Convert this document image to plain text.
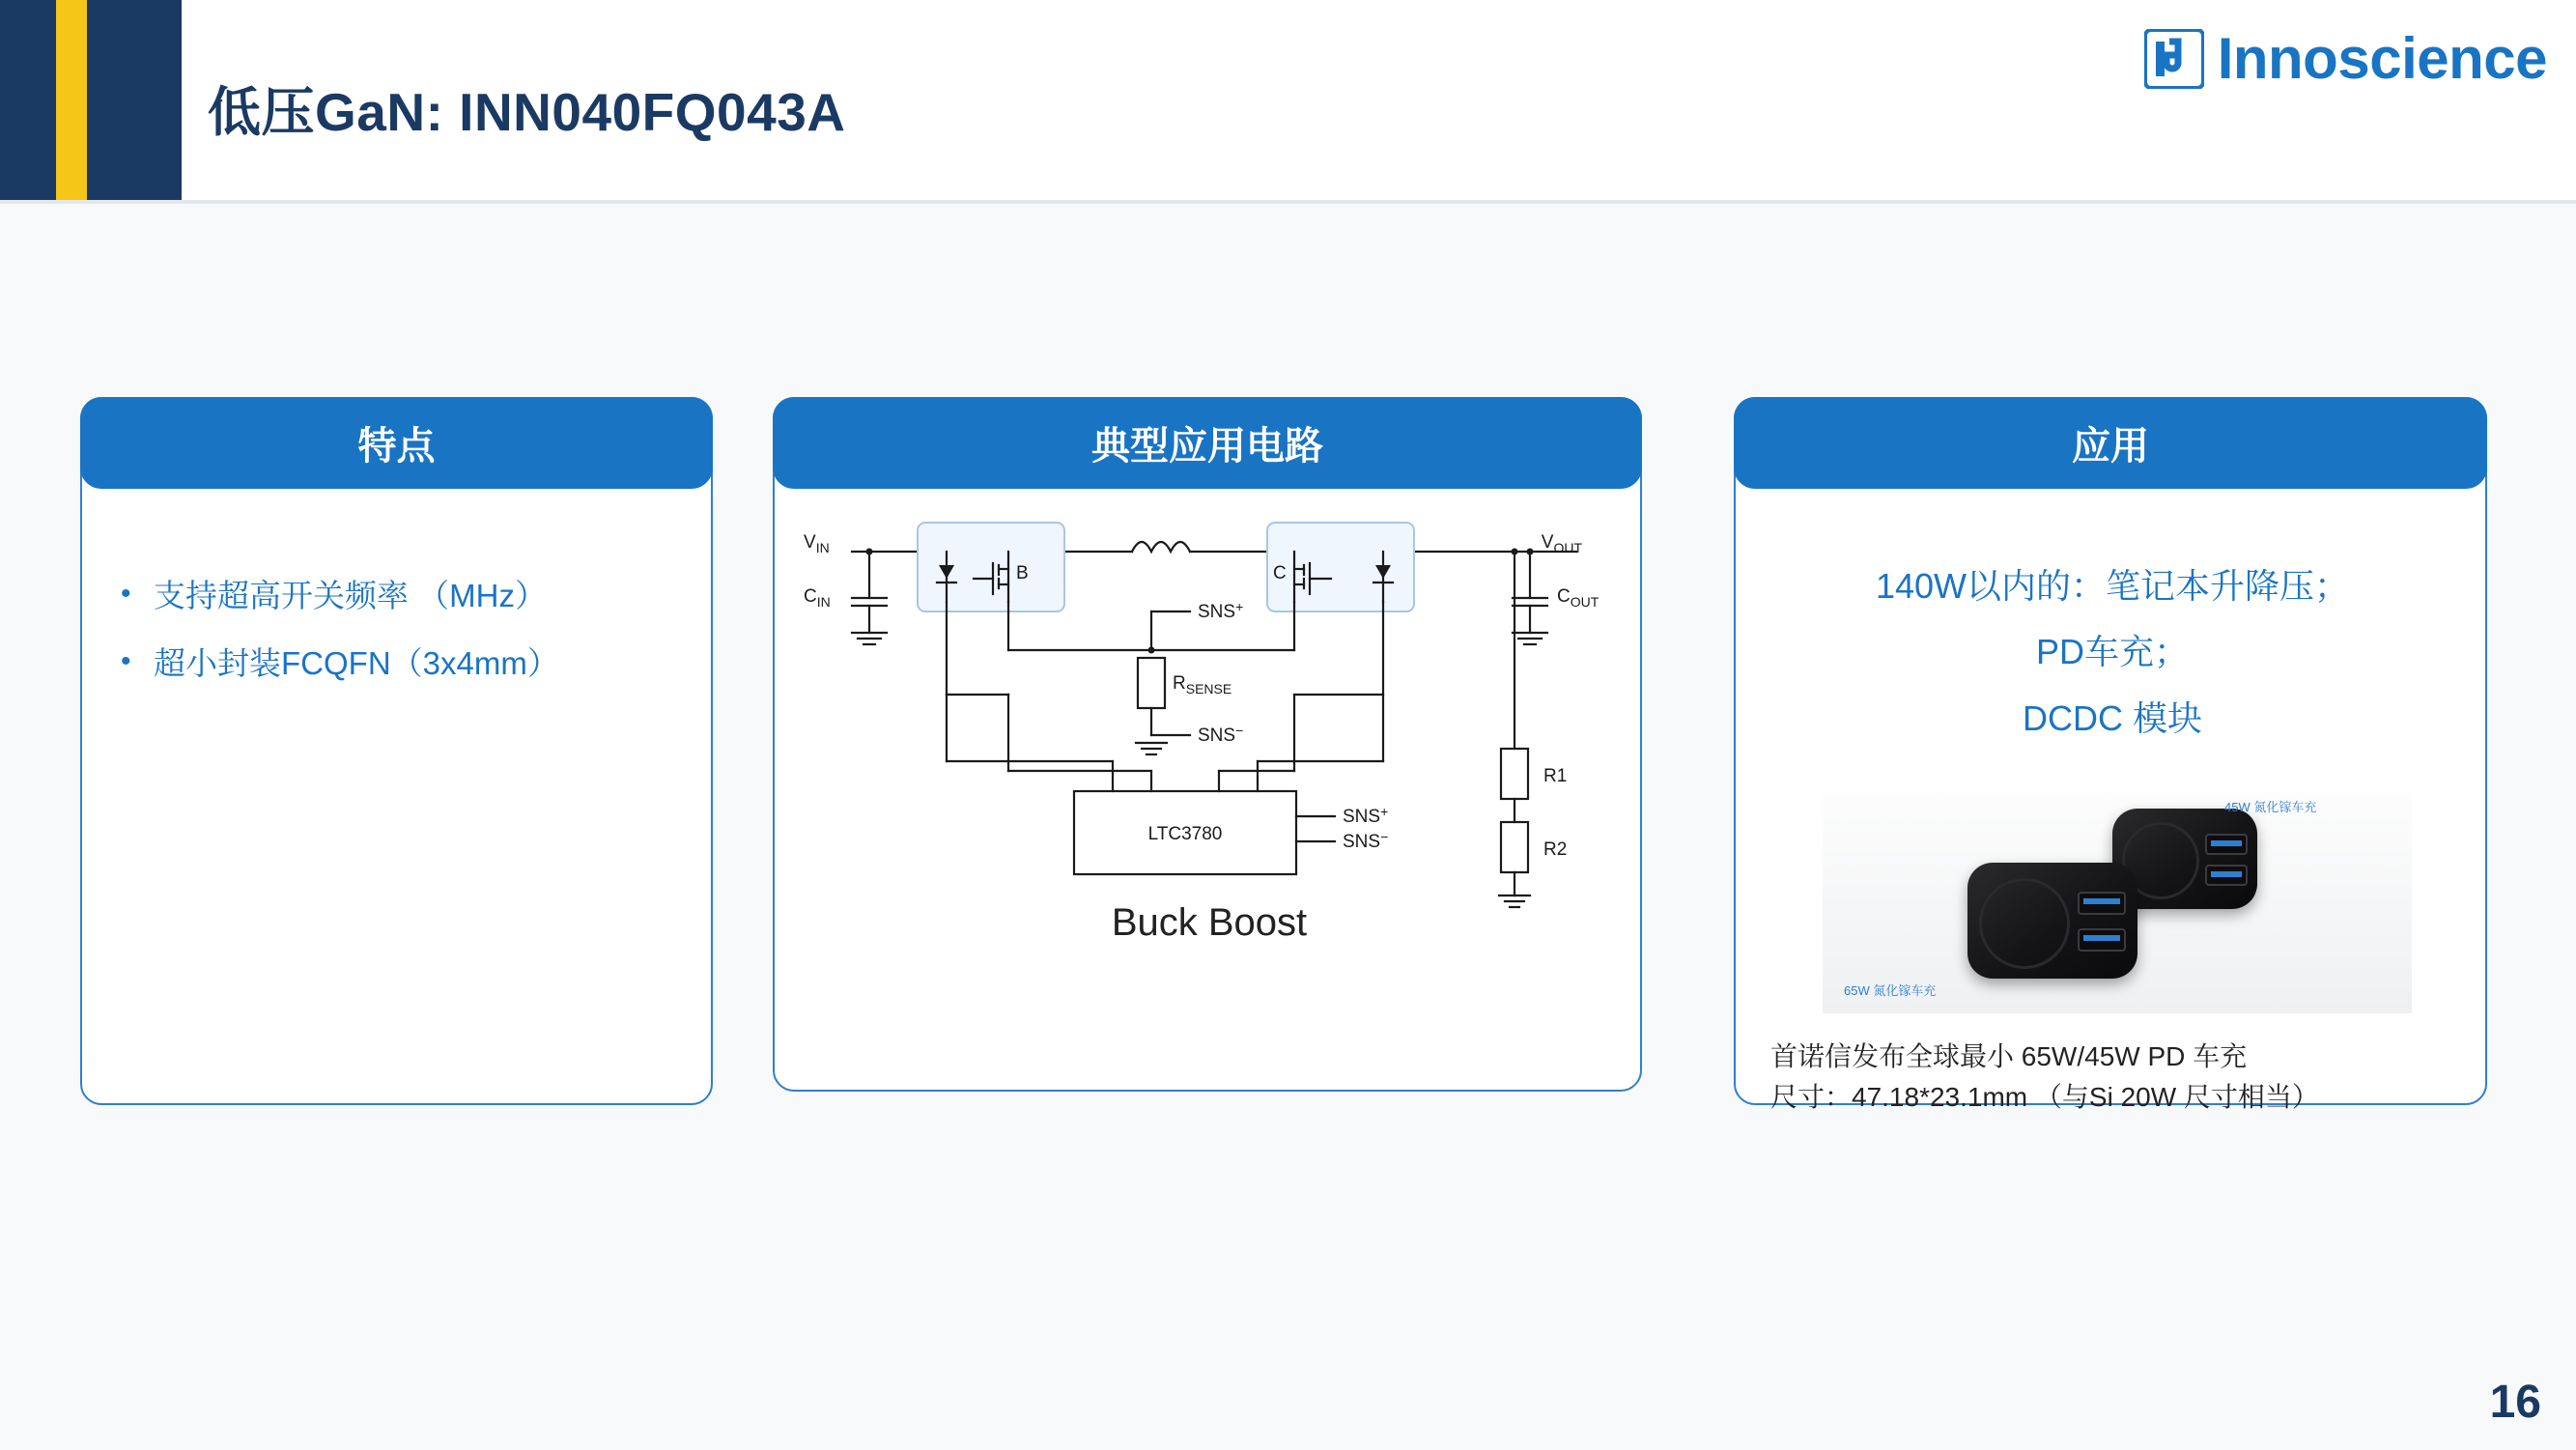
低压GaN: INN040FQ043A
Innoscience
特点
• 支持超高开关频率 （MHz）
• 超小封装FCQFN（3x4mm）
典型应用电路
$V_{IN}$
$C_{IN}$
$V_{OUT}$
$C_{OUT}$
B	C
SNS+
SNS−
$R_{SENSE}$
LTC3780
SNS+
SNS−
R1
R2
Buck Boost
应用
140W以内的：笔记本升降压；
PD车充；
DCDC 模块
45W 氮化镓车充
65W 氮化镓车充
首诺信发布全球最小 65W/45W PD 车充
尺寸：47.18*23.1mm （与Si 20W 尺寸相当）
16
